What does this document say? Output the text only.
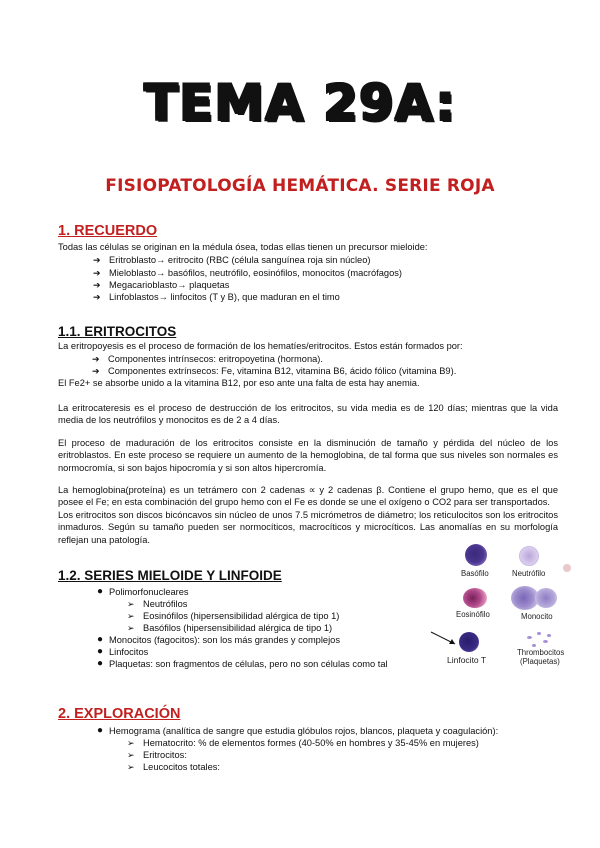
TEMA 29A:
FISIOPATOLOGÍA HEMÁTICA. SERIE ROJA
1. RECUERDO
Todas las células se originan en la médula ósea, todas ellas tienen un precursor mieloide:
➔ Eritroblasto→ eritrocito (RBC (célula sanguínea roja sin núcleo)
➔ Mieloblasto→ basófilos, neutrófilo, eosinófilos, monocitos (macrófagos)
➔ Megacarioblasto→ plaquetas
➔ Linfoblastos→ linfocitos (T y B), que maduran en el timo
1.1. ERITROCITOS
La eritropoyesis es el proceso de formación de los hematíes/eritrocitos. Estos están formados por:
➔ Componentes intrínsecos: eritropoyetina (hormona).
➔ Componentes extrínsecos: Fe, vitamina B12, vitamina B6, ácido fólico (vitamina B9).
El Fe2+ se absorbe unido a la vitamina B12, por eso ante una falta de esta hay anemia.
La eritrocateresis es el proceso de destrucción de los eritrocitos, su vida media es de 120 días; mientras que la vida media de los neutrófilos y monocitos es de 2 a 4 días.
El proceso de maduración de los eritrocitos consiste en la disminución de tamaño y pérdida del núcleo de los eritroblastos. En este proceso se requiere un aumento de la hemoglobina, de tal forma que sus niveles son normales es normocromía, si son bajos hipocromía y si son altos hipercromía.
La hemoglobina(proteína) es un tetrámero con 2 cadenas ∝ y 2 cadenas β. Contiene el grupo hemo, que es el que posee el Fe; en esta combinación del grupo hemo con el Fe es donde se une el oxígeno o CO2 para ser transportados.
Los eritrocitos son discos bicóncavos sin núcleo de unos 7.5 micrómetros de diámetro; los reticulocitos son los eritrocitos inmaduros. Según su tamaño pueden ser normocíticos, macrocíticos y microcíticos. Las anomalías en su morfología reflejan una patología.
1.2. SERIES MIELOIDE Y LINFOIDE
● Polimorfonucleares
➢ Neutrófilos
➢ Eosinófilos (hipersensibilidad alérgica de tipo 1)
➢ Basófilos (hipersensibilidad alérgica de tipo 1)
● Monocitos (fagocitos): son los más grandes y complejos
● Linfocitos
● Plaquetas: son fragmentos de células, pero no son células como tal
Basófilo	Neutrófilo
Eosinófilo	Monocito
Linfocito T
Thrombocitos
(Plaquetas)
2. EXPLORACIÓN
● Hemograma (analítica de sangre que estudia glóbulos rojos, blancos, plaqueta y coagulación):
➢ Hematocrito: % de elementos formes (40-50% en hombres y 35-45% en mujeres)
➢ Eritrocitos:
➢ Leucocitos totales:
